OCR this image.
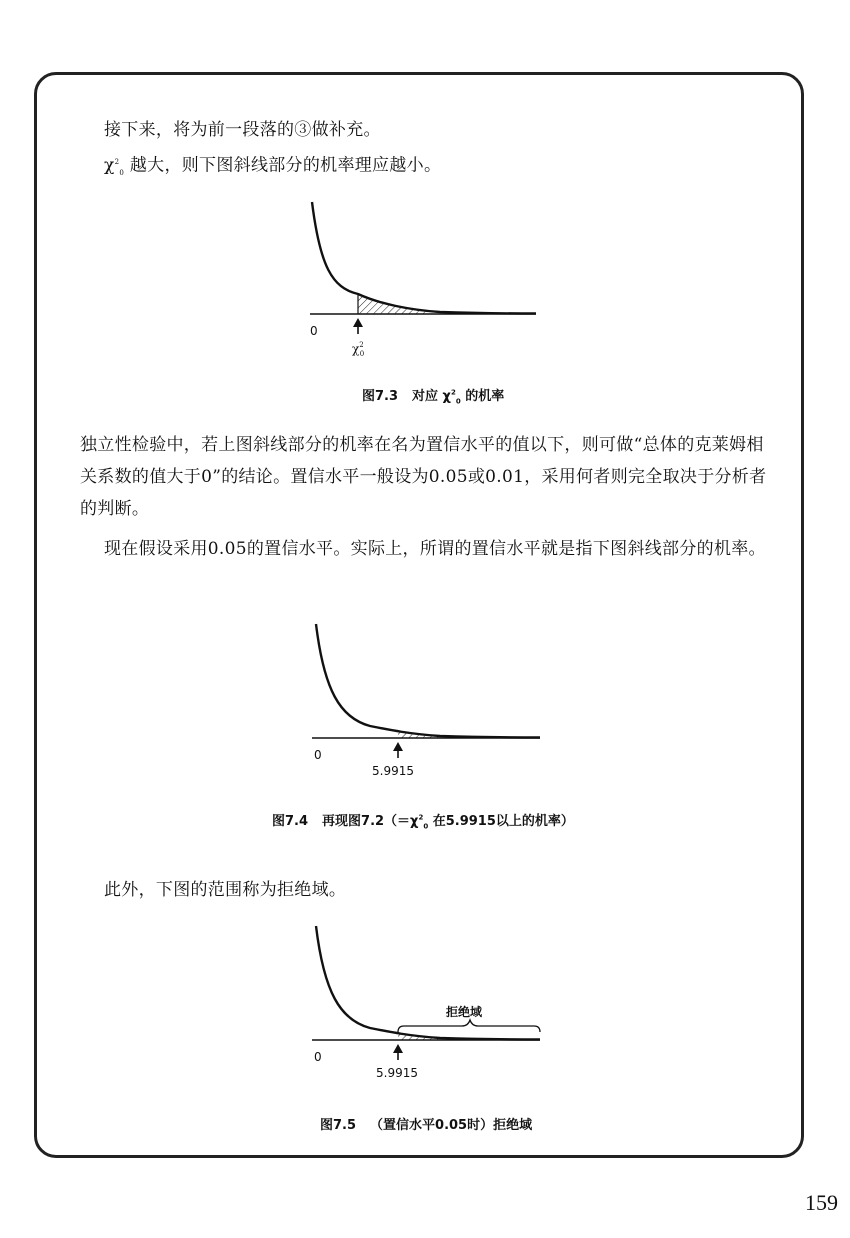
接下来，将为前一段落的③做补充。

$\chi^2_0$ 越大，则下图斜线部分的机率理应越小。

0
$\chi^2$ 0

图7.3 对应 $\chi^2_0$ 的机率

独立性检验中，若上图斜线部分的机率在名为置信水平的值以下，则可做“总体的克莱姆相关系数的值大于0”的结论。置信水平一般设为0.05或0.01，采用何者则完全取决于分析者的判断。

现在假设采用0.05的置信水平。实际上，所谓的置信水平就是指下图斜线部分的机率。

0
5.9915

图7.4 再现图$7.2(=\chi^2_0$ 在5.9915以上的机率）

此外，下图的范围称为拒绝域。

拒绝域
0
5.9915

图7.5 （置信水平0.05时）拒绝域

159
